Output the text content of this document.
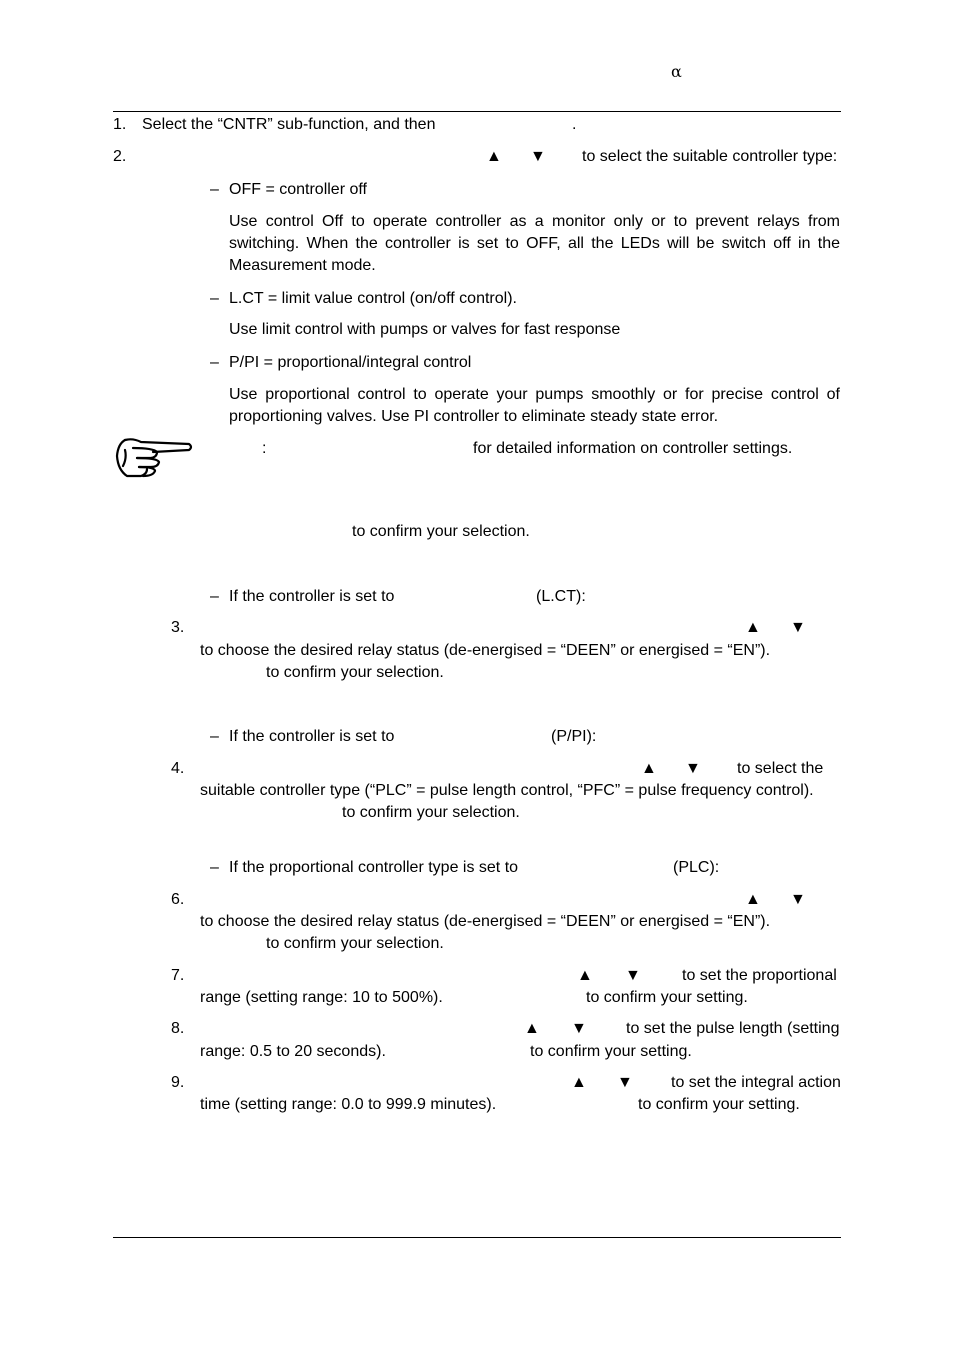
α
1. Select the “CNTR” sub-function, and then	.
2.	▲ ▼ to select the suitable controller type:
– OFF = controller off
Use control Off to operate controller as a monitor only or to prevent relays from switching. When the controller is set to OFF, all the LEDs will be switch off in the Measurement mode.
– L.CT = limit value control (on/off control).
Use limit control with pumps or valves for fast response
– P/PI = proportional/integral control
Use proportional control to operate your pumps smoothly or for precise control of proportioning valves. Use PI controller to eliminate steady state error.
:	for detailed information on controller settings.
to confirm your selection.
– If the controller is set to	(L.CT):
3.	▲ ▼
to choose the desired relay status (de-energised = “DEEN” or energised = “EN”).
to confirm your selection.
– If the controller is set to	(P/PI):
4.	▲ ▼ to select the
suitable controller type (“PLC” = pulse length control, “PFC” = pulse frequency control).
to confirm your selection.
– If the proportional controller type is set to	(PLC):
6.	▲ ▼
to choose the desired relay status (de-energised = “DEEN” or energised = “EN”).
to confirm your selection.
7.	▲ ▼	to set the proportional
range (setting range: 10 to 500%).	to confirm your setting.
8.	▲ ▼ to set the pulse length (setting
range: 0.5 to 20 seconds).	to confirm your setting.
9.	▲ ▼ to set the integral action
time (setting range: 0.0 to 999.9 minutes).	to confirm your setting.
